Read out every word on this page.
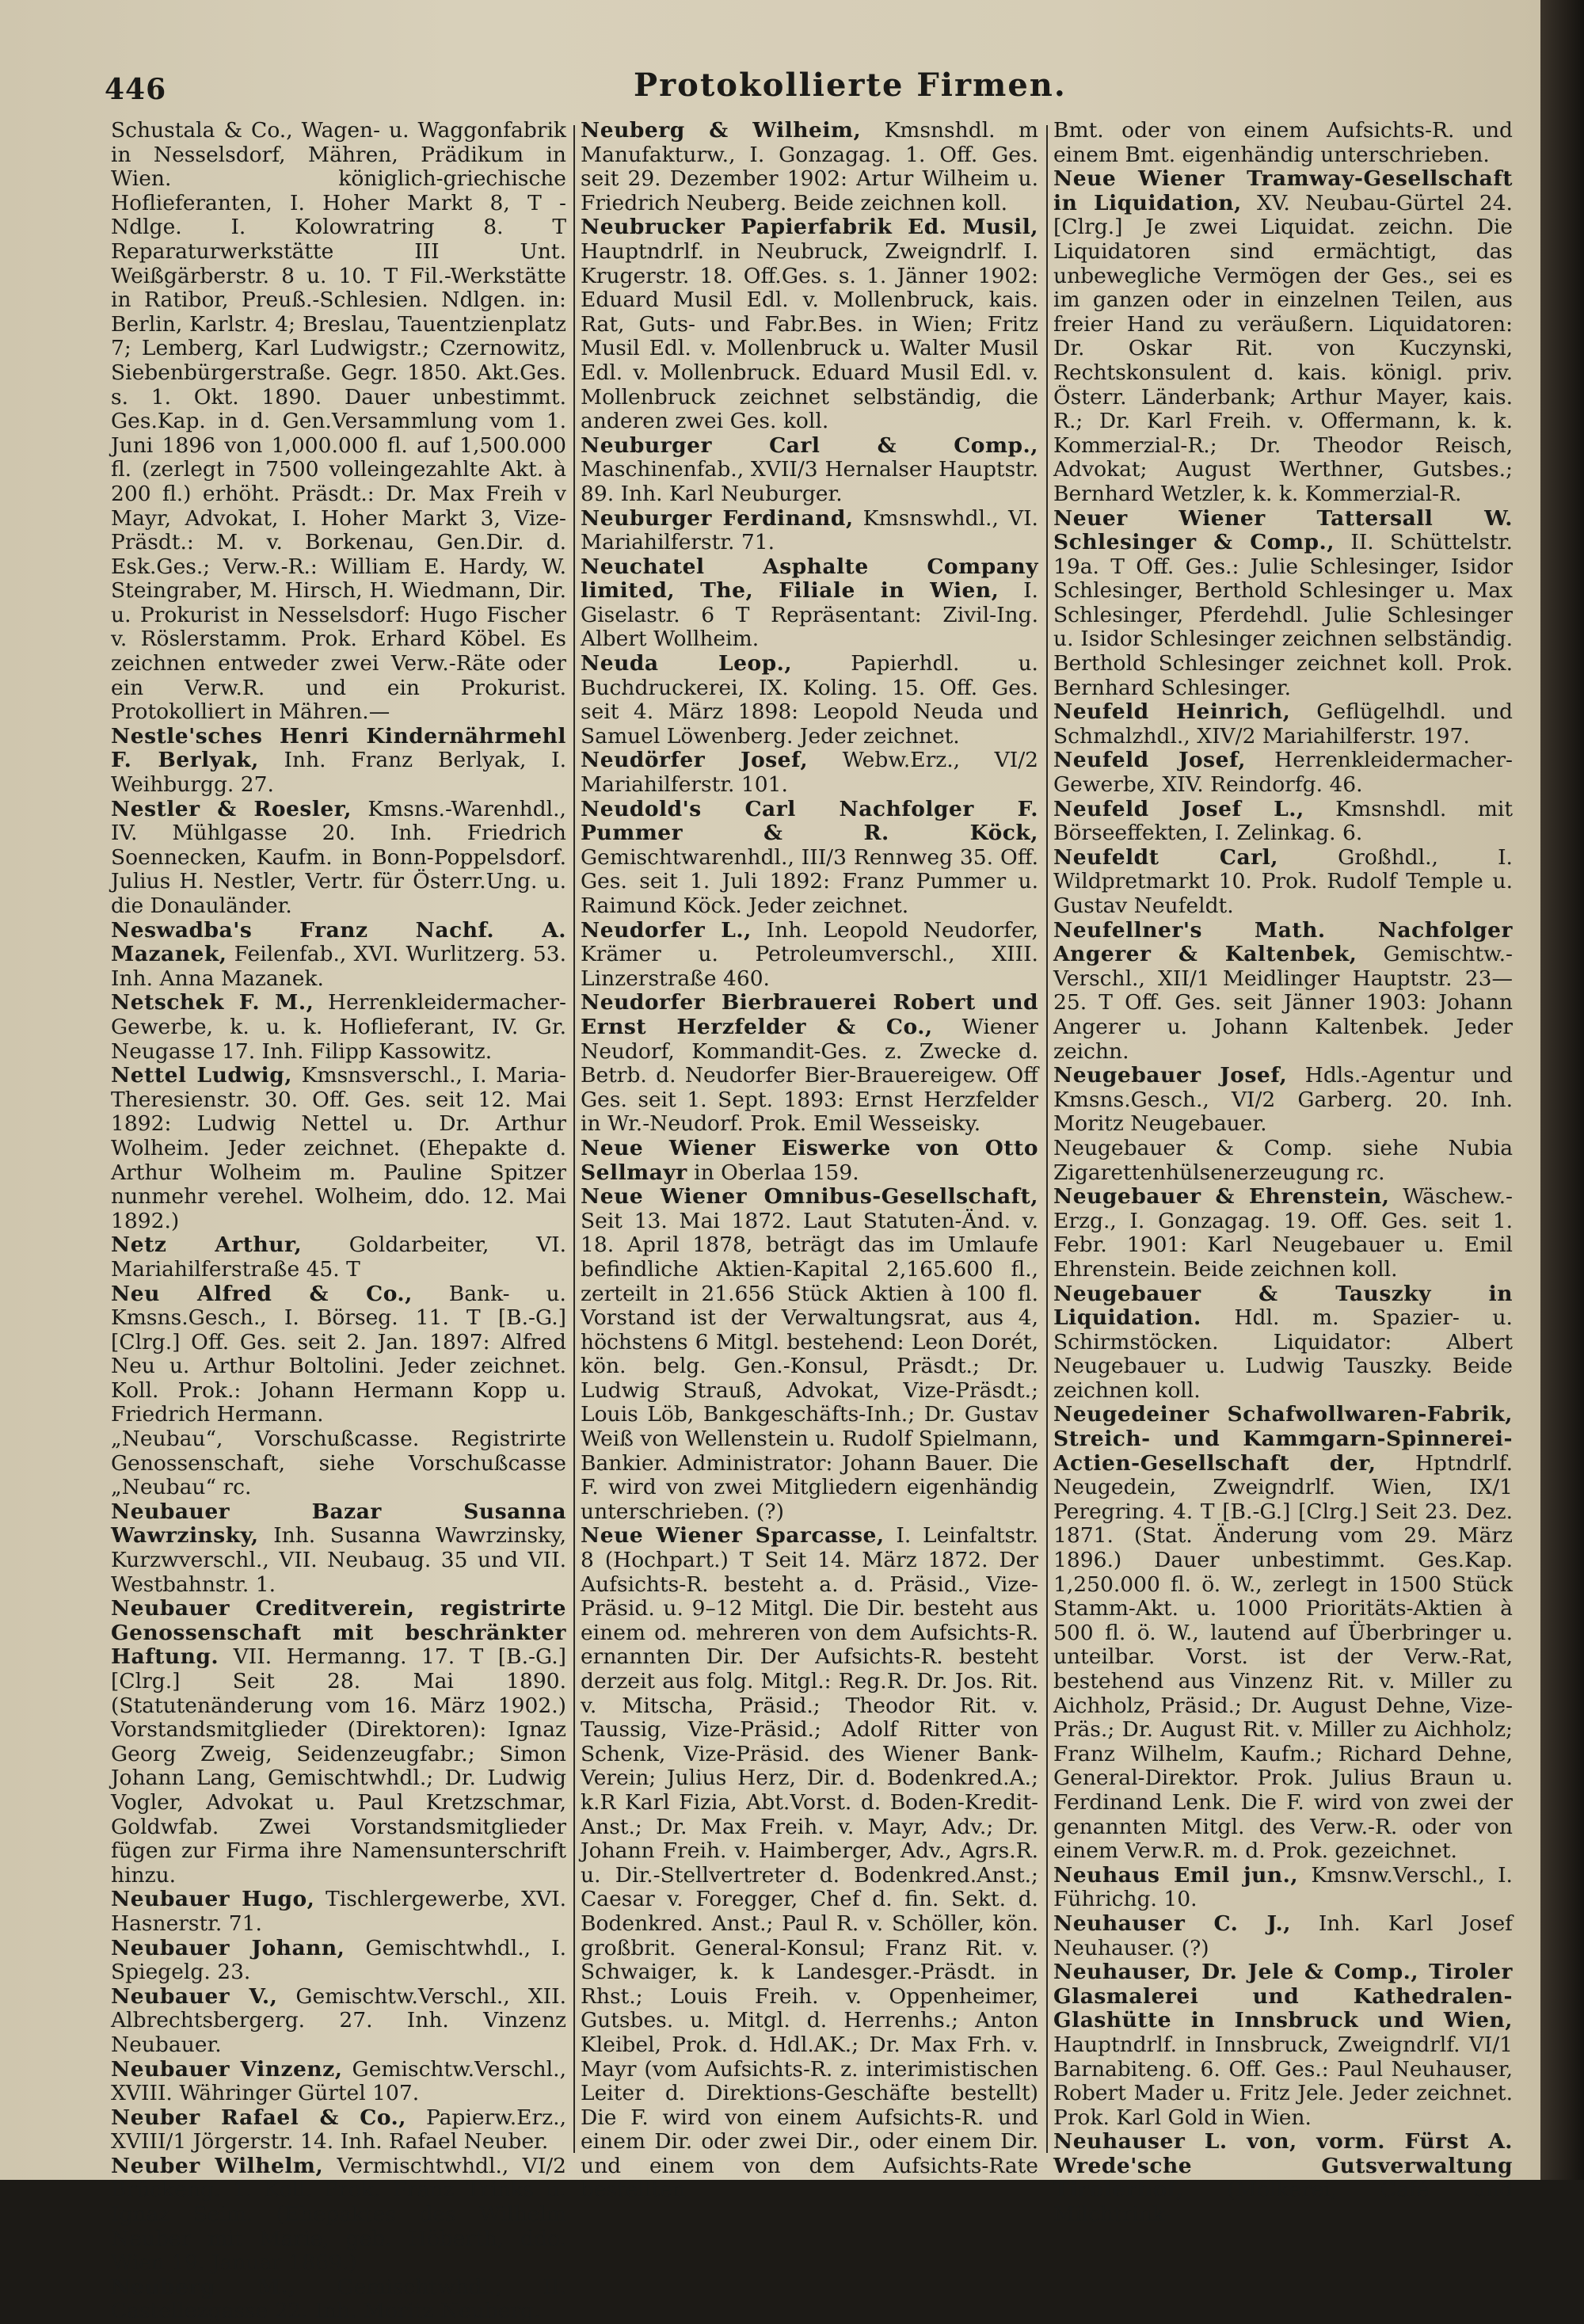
446	Protokollierte Firmen.

Schustala & Co., Wagen- u. Waggonfabrik in Nesselsdorf, Mähren, Prädikum in Wien. königlich-griechische Hoflieferanten, I. Hoher Markt 8, T -Ndlge. I. Kolowratring 8. T Reparaturwerkstätte III Unt. Weißgärberstr. 8 u. 10. T Fil.-Werkstätte in Ratibor, Preuß.-Schlesien. Ndlgen. in: Berlin, Karlstr. 4; Breslau, Tauentzienplatz 7; Lemberg, Karl Ludwigstr.; Czernowitz, Siebenbürgerstraße. Gegr. 1850. Akt.Ges. s. 1. Okt. 1890. Dauer unbestimmt. Ges.Kap. in d. Gen.Versammlung vom 1. Juni 1896 von 1,000.000 fl. auf 1,500.000 fl. (zerlegt in 7500 volleingezahlte Akt. à 200 fl.) erhöht. Präsdt.: Dr. Max Freih v Mayr, Advokat, I. Hoher Markt 3, Vize-Präsdt.: M. v. Borkenau, Gen.Dir. d. Esk.Ges.; Verw.-R.: William E. Hardy, W. Steingraber, M. Hirsch, H. Wiedmann, Dir. u. Prokurist in Nesselsdorf: Hugo Fischer v. Röslerstamm. Prok. Erhard Köbel. Es zeichnen entweder zwei Verw.-Räte oder ein Verw.R. und ein Prokurist. Protokolliert in Mähren.—

Nestle'sches Henri Kindernährmehl F. Berlyak, Inh. Franz Berlyak, I. Weihburgg. 27.

Nestler & Roesler, Kmsns.-Warenhdl., IV. Mühlgasse 20. Inh. Friedrich Soennecken, Kaufm. in Bonn-Poppelsdorf. Julius H. Nestler, Vertr. für Österr.Ung. u. die Donauländer.

Neswadba's Franz Nachf. A. Mazanek, Feilenfab., XVI. Wurlitzerg. 53. Inh. Anna Mazanek.

Netschek F. M., Herrenkleidermacher-Gewerbe, k. u. k. Hoflieferant, IV. Gr. Neugasse 17. Inh. Filipp Kassowitz.

Nettel Ludwig, Kmsnsverschl., I. Maria-Theresienstr. 30. Off. Ges. seit 12. Mai 1892: Ludwig Nettel u. Dr. Arthur Wolheim. Jeder zeichnet. (Ehepakte d. Arthur Wolheim m. Pauline Spitzer nunmehr verehel. Wolheim, ddo. 12. Mai 1892.)

Netz Arthur, Goldarbeiter, VI. Mariahilferstraße 45. T

Neu Alfred & Co., Bank- u. Kmsns.Gesch., I. Börseg. 11. T [B.-G.] [Clrg.] Off. Ges. seit 2. Jan. 1897: Alfred Neu u. Arthur Boltolini. Jeder zeichnet. Koll. Prok.: Johann Hermann Kopp u. Friedrich Hermann.

„Neubau“, Vorschußcasse. Registrirte Genossenschaft, siehe Vorschußcasse „Neubau“ rc.

Neubauer Bazar Susanna Wawrzinsky, Inh. Susanna Wawrzinsky, Kurzwverschl., VII. Neubaug. 35 und VII. Westbahnstr. 1.

Neubauer Creditverein, registrirte Genossenschaft mit beschränkter Haftung. VII. Hermanng. 17. T [B.-G.] [Clrg.] Seit 28. Mai 1890. (Statutenänderung vom 16. März 1902.) Vorstandsmitglieder (Direktoren): Ignaz Georg Zweig, Seidenzeugfabr.; Simon Johann Lang, Gemischtwhdl.; Dr. Ludwig Vogler, Advokat u. Paul Kretzschmar, Goldwfab. Zwei Vorstandsmitglieder fügen zur Firma ihre Namensunterschrift hinzu.

Neubauer Hugo, Tischlergewerbe, XVI. Hasnerstr. 71.

Neubauer Johann, Gemischtwhdl., I. Spiegelg. 23.

Neubauer V., Gemischtw.Verschl., XII. Albrechtsbergerg. 27. Inh. Vinzenz Neubauer.

Neubauer Vinzenz, Gemischtw.Verschl., XVIII. Währinger Gürtel 107.

Neuber Rafael & Co., Papierw.Erz., XVIII/1 Jörgerstr. 14. Inh. Rafael Neuber.

Neuber Wilhelm, Vermischtwhdl., VI/2 Brückeng. 1. Koll. Prok. Franz Trinks u. Ignaz Seim. (Ehepaktes des Wilhelm Neuber mit Marie, geb. Höberth, ddo. Wien 19. Januar 1869.)

Neuberg M., Gemischtwhdl., II. Castellezgasse 22. Inh. Moritz Neuberg.

Neuberg & Wilheim, Kmsnshdl. m Manufakturw., I. Gonzagag. 1. Off. Ges. seit 29. Dezember 1902: Artur Wilheim u. Friedrich Neuberg. Beide zeichnen koll.

Neubrucker Papierfabrik Ed. Musil, Hauptndrlf. in Neubruck, Zweigndrlf. I. Krugerstr. 18. Off.Ges. s. 1. Jänner 1902: Eduard Musil Edl. v. Mollenbruck, kais. Rat, Guts- und Fabr.Bes. in Wien; Fritz Musil Edl. v. Mollenbruck u. Walter Musil Edl. v. Mollenbruck. Eduard Musil Edl. v. Mollenbruck zeichnet selbständig, die anderen zwei Ges. koll.

Neuburger Carl & Comp., Maschinenfab., XVII/3 Hernalser Hauptstr. 89. Inh. Karl Neuburger.

Neuburger Ferdinand, Kmsnswhdl., VI. Mariahilferstr. 71.

Neuchatel Asphalte Company limited, The, Filiale in Wien, I. Giselastr. 6 T Repräsentant: Zivil-Ing. Albert Wollheim.

Neuda Leop.,	Papierhdl. u. Buchdruckerei, IX. Koling. 15. Off. Ges. seit 4. März 1898: Leopold Neuda und Samuel Löwenberg. Jeder zeichnet.

Neudörfer Josef, Webw.Erz., VI/2 Mariahilferstr. 101.

Neudold's Carl Nachfolger F. Pummer & R. Köck, Gemischtwarenhdl., III/3 Rennweg 35. Off. Ges. seit 1. Juli 1892: Franz Pummer u. Raimund Köck. Jeder zeichnet.

Neudorfer L., Inh. Leopold Neudorfer, Krämer u. Petroleumverschl., XIII. Linzerstraße 460.

Neudorfer Bierbrauerei Robert und Ernst Herzfelder & Co., Wiener Neudorf, Kommandit-Ges. z. Zwecke d. Betrb. d. Neudorfer Bier-Brauereigew. Off Ges. seit 1. Sept. 1893: Ernst Herzfelder in Wr.-Neudorf. Prok. Emil Wesseisky.

Neue Wiener Eiswerke von Otto Sellmayr in Oberlaa 159.

Neue Wiener Omnibus-Gesellschaft, Seit 13. Mai 1872. Laut Statuten-Änd. v. 18. April 1878, beträgt das im Umlaufe befindliche Aktien-Kapital 2,165.600 fl., zerteilt in 21.656 Stück Aktien à 100 fl. Vorstand ist der Verwaltungsrat, aus 4, höchstens 6 Mitgl. bestehend: Leon Dorét, kön. belg. Gen.-Konsul, Präsdt.; Dr. Ludwig Strauß, Advokat, Vize-Präsdt.; Louis Löb, Bankgeschäfts-Inh.; Dr. Gustav Weiß von Wellenstein u. Rudolf Spielmann, Bankier. Administrator: Johann Bauer. Die F. wird von zwei Mitgliedern eigenhändig unterschrieben. (?)

Neue Wiener Sparcasse, I. Leinfaltstr. 8 (Hochpart.) T Seit 14. März 1872. Der Aufsichts-R. besteht a. d. Präsid., Vize-Präsid. u. 9–12 Mitgl. Die Dir. besteht aus einem od. mehreren von dem Aufsichts-R. ernannten Dir. Der Aufsichts-R. besteht derzeit aus folg. Mitgl.: Reg.R. Dr. Jos. Rit. v. Mitscha, Präsid.; Theodor Rit. v. Taussig, Vize-Präsid.; Adolf Ritter von Schenk, Vize-Präsid. des Wiener Bank-Verein; Julius Herz, Dir. d. Bodenkred.A.; k.R Karl Fizia, Abt.Vorst. d. Boden-Kredit-Anst.; Dr. Max Freih. v. Mayr, Adv.; Dr. Johann Freih. v. Haimberger, Adv., Agrs.R. u. Dir.-Stellvertreter d. Bodenkred.Anst.; Caesar v. Foregger, Chef d. fin. Sekt. d. Bodenkred. Anst.; Paul R. v. Schöller, kön. großbrit. General-Konsul; Franz Rit. v. Schwaiger, k. k Landesger.-Präsdt. in Rhst.; Louis Freih. v. Oppenheimer, Gutsbes. u. Mitgl. d. Herrenhs.; Anton Kleibel, Prok. d. Hdl.AK.; Dr. Max Frh. v. Mayr (vom Aufsichts-R. z. interimistischen Leiter d. Direktions-Geschäfte bestellt) Die F. wird von einem Aufsichts-R. und einem Dir. oder zwei Dir., oder einem Dir. und einem von dem Aufsichts-Rate bestellten

Bmt. oder von einem Aufsichts-R. und einem Bmt. eigenhändig unterschrieben.

Neue Wiener Tramway-Gesellschaft in Liquidation, XV. Neubau-Gürtel 24. [Clrg.] Je zwei Liquidat. zeichn. Die Liquidatoren sind ermächtigt, das unbewegliche Vermögen der Ges., sei es im ganzen oder in einzelnen Teilen, aus freier Hand zu veräußern. Liquidatoren: Dr. Oskar Rit. von Kuczynski, Rechtskonsulent d. kais. königl. priv. Österr. Länderbank; Arthur Mayer, kais. R.; Dr. Karl Freih. v. Offermann, k. k. Kommerzial-R.; Dr. Theodor Reisch, Advokat; August Werthner, Gutsbes.; Bernhard Wetzler, k. k. Kommerzial-R.

Neuer Wiener Tattersall W. Schlesinger & Comp., II. Schüttelstr. 19a. T Off. Ges.: Julie Schlesinger, Isidor Schlesinger, Berthold Schlesinger u. Max Schlesinger, Pferdehdl. Julie Schlesinger u. Isidor Schlesinger zeichnen selbständig. Berthold Schlesinger zeichnet koll. Prok. Bernhard Schlesinger.

Neufeld Heinrich, Geflügelhdl. und Schmalzhdl., XIV/2 Mariahilferstr. 197.

Neufeld Josef, Herrenkleidermacher-Gewerbe, XIV. Reindorfg. 46.

Neufeld Josef L., Kmsnshdl. mit Börseeffekten, I. Zelinkag. 6.

Neufeldt Carl,	Großhdl., I. Wildpretmarkt 10. Prok. Rudolf Temple u. Gustav Neufeldt.

Neufellner's Math. Nachfolger Angerer & Kaltenbek, Gemischtw.-Verschl., XII/1 Meidlinger Hauptstr. 23—25. T Off. Ges. seit Jänner 1903: Johann Angerer u. Johann Kaltenbek. Jeder zeichn.

Neugebauer Josef, Hdls.-Agentur und Kmsns.Gesch., VI/2 Garberg. 20. Inh. Moritz Neugebauer.

Neugebauer & Comp. siehe Nubia Zigarettenhülsenerzeugung rc.

Neugebauer & Ehrenstein, Wäschew.-Erzg., I. Gonzagag. 19. Off. Ges. seit 1. Febr. 1901: Karl Neugebauer u. Emil Ehrenstein. Beide zeichnen koll.

Neugebauer & Tauszky in Liquidation. Hdl. m. Spazier- u. Schirmstöcken. Liquidator: Albert Neugebauer u. Ludwig Tauszky. Beide zeichnen koll.

Neugedeiner Schafwollwaren-Fabrik, Streich- und Kammgarn-Spinnerei-Actien-Gesellschaft der, Hptndrlf. Neugedein, Zweigndrlf. Wien, IX/1 Peregring. 4. T [B.-G.] [Clrg.] Seit 23. Dez. 1871. (Stat. Änderung vom 29. März 1896.) Dauer unbestimmt. Ges.Kap. 1,250.000 fl. ö. W., zerlegt in 1500 Stück Stamm-Akt. u. 1000 Prioritäts-Aktien à 500 fl. ö. W., lautend auf Überbringer u. unteilbar. Vorst. ist der Verw.-Rat, bestehend aus Vinzenz Rit. v. Miller zu Aichholz, Präsid.; Dr. August Dehne, Vize-Präs.; Dr. August Rit. v. Miller zu Aichholz; Franz Wilhelm, Kaufm.; Richard Dehne, General-Direktor. Prok. Julius Braun u. Ferdinand Lenk. Die F. wird von zwei der genannten Mitgl. des Verw.-R. oder von einem Verw.R. m. d. Prok. gezeichnet.

Neuhaus Emil jun., Kmsnw.Verschl., I. Führichg. 10.

Neuhauser C. J., Inh. Karl Josef Neuhauser. (?)

Neuhauser, Dr. Jele & Comp., Tiroler Glasmalerei und Kathedralen-Glashütte in Innsbruck und Wien, Hauptndrlf. in Innsbruck, Zweigndrlf. VI/1 Barnabiteng. 6. Off. Ges.: Paul Neuhauser, Robert Mader u. Fritz Jele. Jeder zeichnet. Prok. Karl Gold in Wien.

Neuhauser L. von, vorm. Fürst A. Wrede'sche Gutsverwaltung Tirolerhof, (Molkerei, Café und Milchtrink-
